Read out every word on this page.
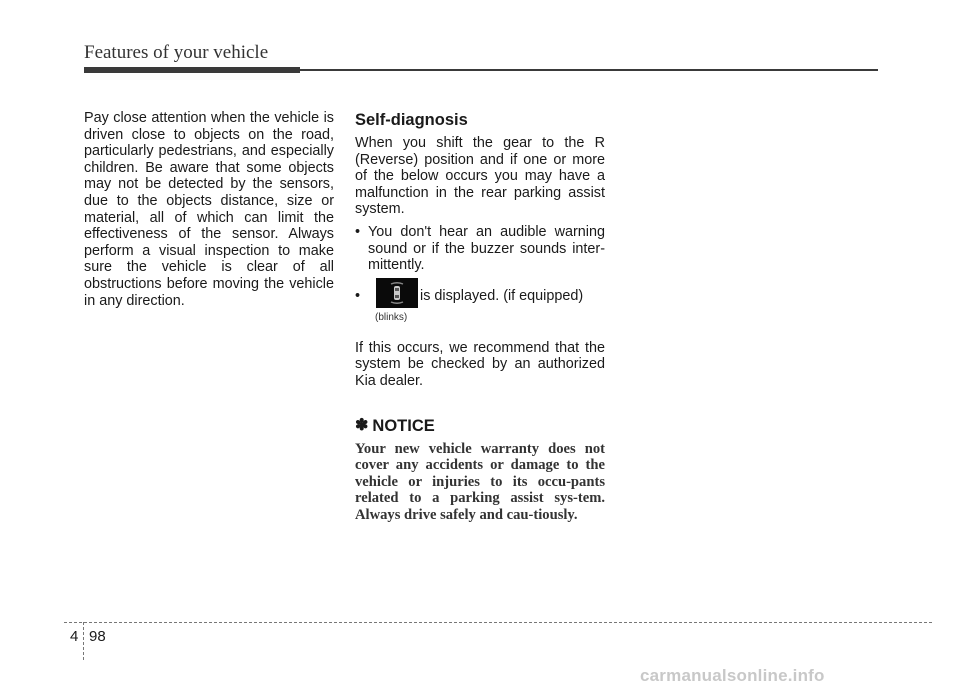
Features of your vehicle

Pay close attention when the vehicle is driven close to objects on the road, particularly pedestrians, and especially children. Be aware that some objects may not be detected by the sensors, due to the objects distance, size or material, all of which can limit the effectiveness of the sensor. Always perform a visual inspection to make sure the vehicle is clear of all obstructions before moving the vehicle in any direction.

Self-diagnosis

When you shift the gear to the R (Reverse) position and if one or more of the below occurs you may have a malfunction in the rear parking assist system.

• You don't hear an audible warning sound or if the buzzer sounds inter-mittently.
•	is displayed. (if equipped)
(blinks)

If this occurs, we recommend that the system be checked by an authorized Kia dealer.

✽ NOTICE

Your new vehicle warranty does not cover any accidents or damage to the vehicle or injuries to its occu-pants related to a parking assist sys-tem. Always drive safely and cau-tiously.

4 98
carmanualsonline.info
